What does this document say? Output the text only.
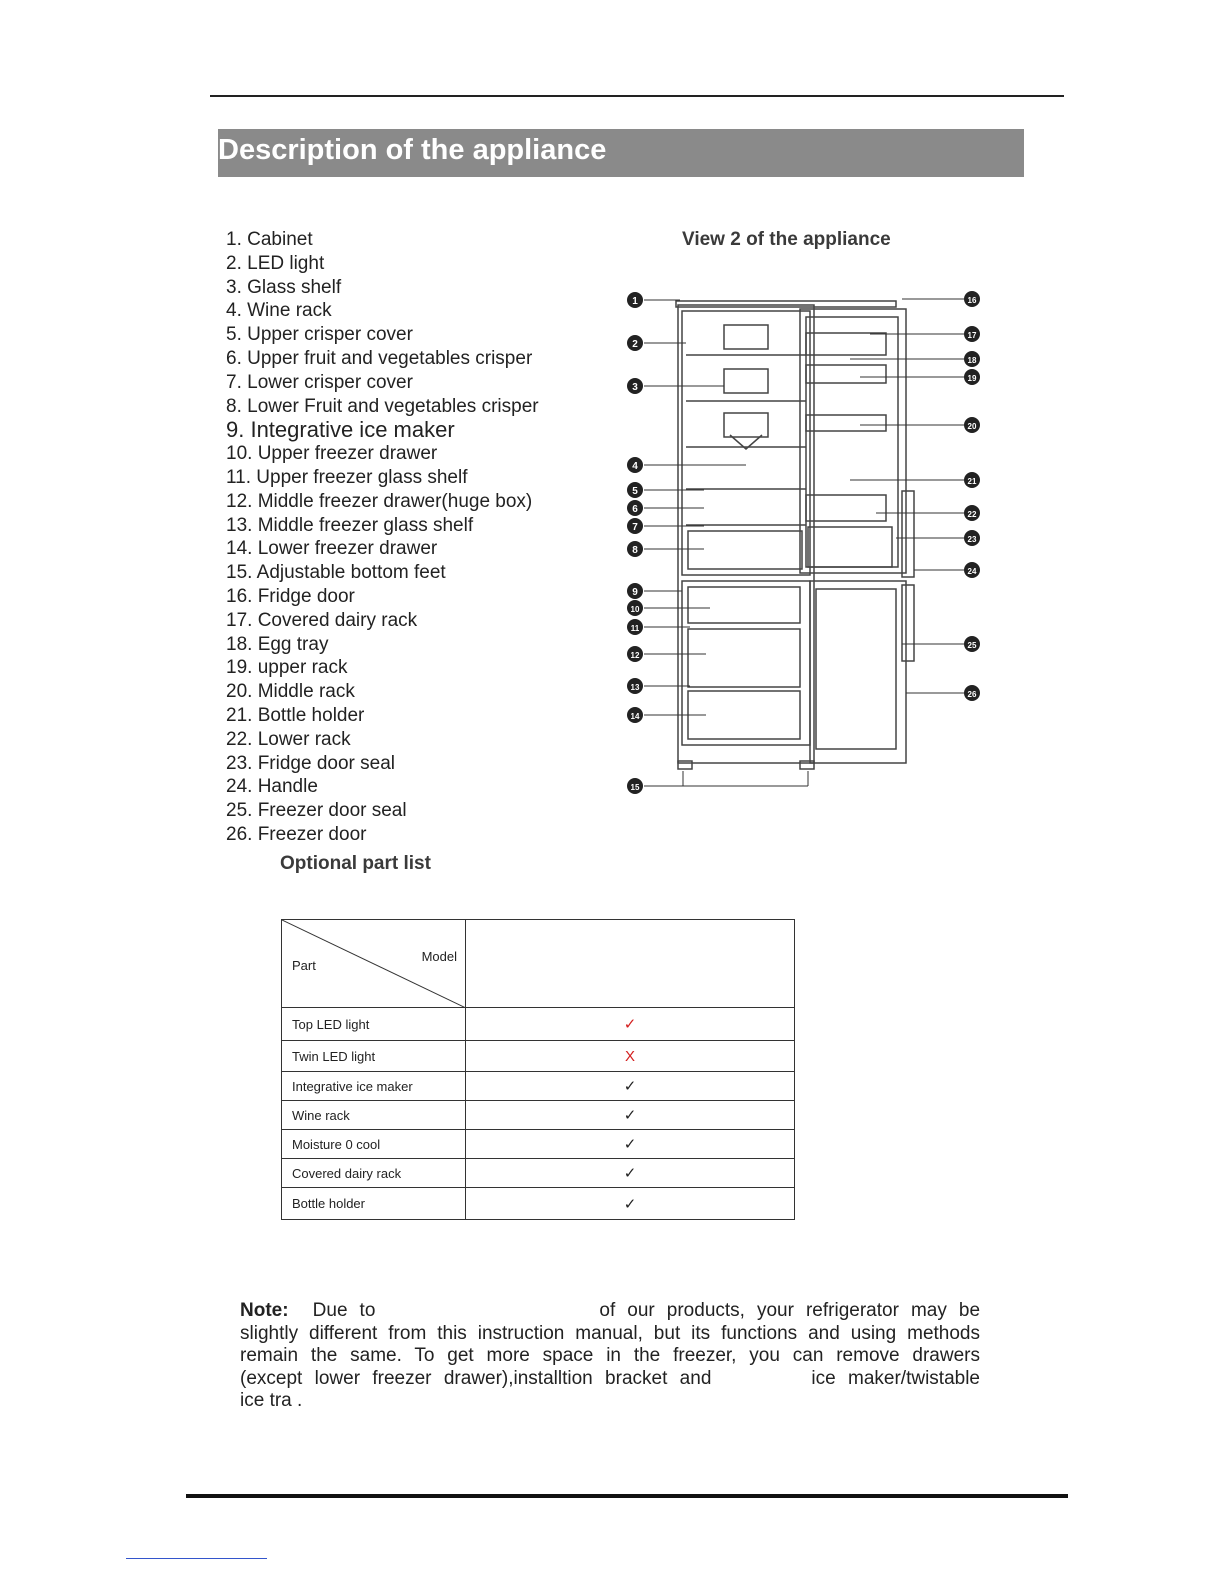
Description of the appliance
1. Cabinet
2. LED light
3. Glass shelf
4. Wine rack
5. Upper crisper cover
6. Upper fruit and vegetables crisper
7. Lower crisper cover
8. Lower Fruit and vegetables crisper
9. Integrative ice maker
10. Upper freezer drawer
11. Upper freezer glass shelf
12. Middle freezer drawer(huge box)
13. Middle freezer glass shelf
14. Lower freezer drawer
15. Adjustable bottom feet
16. Fridge door
17. Covered dairy rack
18. Egg tray
19. upper rack
20. Middle rack
21. Bottle holder
22. Lower rack
23. Fridge door seal
24. Handle
25. Freezer door seal
26. Freezer door
View 2 of the appliance
1
2
3
4
5
6
7
8
9
10
11
12
13
14
15
16
17
18
19
20
21
22
23
24
25
26
Optional part list
Part
Model	

Top LED light	✓
Twin LED light	X
Integrative ice maker	✓
Wine rack	✓
Moisture 0 cool	✓
Covered dairy rack	✓
Bottle holder	✓
Note: Due to	of our products, your refrigerator may be
slightly different from this instruction manual, but its functions and using methods
remain the same. To get more space in the freezer, you can remove drawers
(except lower freezer drawer),installtion bracket and	ice maker/twistable
ice tra .
